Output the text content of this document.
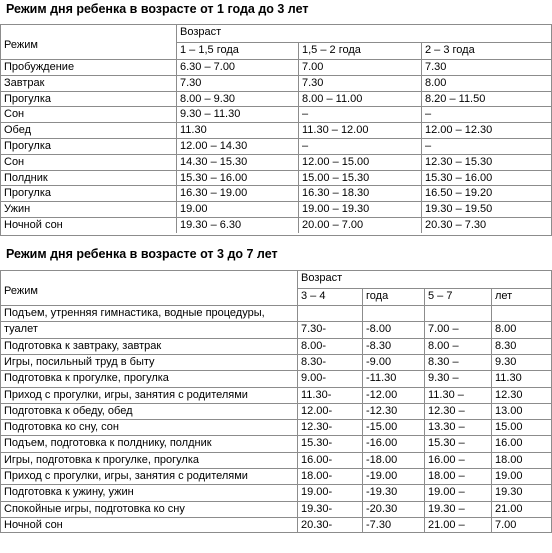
Режим дня ребенка в возрасте от 1 года до 3 лет
Режим
Возраст
1 – 1,5 года	1,5 – 2 года	2 – 3 года
Пробуждение	6.30 – 7.00	7.00	7.30
Завтрак	7.30	7.30	8.00
Прогулка	8.00 – 9.30	8.00 – 11.00	8.20 – 11.50
Сон	9.30 – 11.30	–	–
Обед	11.30	11.30 – 12.00	12.00 – 12.30
Прогулка	12.00 – 14.30	–	–
Сон	14.30 – 15.30	12.00 – 15.00	12.30 – 15.30
Полдник	15.30 – 16.00	15.00 – 15.30	15.30 – 16.00
Прогулка	16.30 – 19.00	16.30 – 18.30	16.50 – 19.20
Ужин	19.00	19.00 – 19.30	19.30 – 19.50
Ночной сон	19.30 – 6.30	20.00 – 7.00	20.30 – 7.30
Режим дня ребенка в возрасте от 3 до 7 лет
Режим
Возраст
3 – 4	года	5 – 7	лет
Подъем, утренняя гимнастика, водные процедуры,
туалет	7.30-	-8.00	7.00 –	8.00
Подготовка к завтраку, завтрак	8.00-	-8.30	8.00 –	8.30
Игры, посильный труд в быту	8.30-	-9.00	8.30 –	9.30
Подготовка к прогулке, прогулка	9.00-	-11.30	9.30 –	11.30
Приход с прогулки, игры, занятия с родителями	11.30-	-12.00	11.30 –	12.30
Подготовка к обеду, обед	12.00-	-12.30	12.30 –	13.00
Подготовка ко сну, сон	12.30-	-15.00	13.30 –	15.00
Подъем, подготовка к полднику, полдник	15.30-	-16.00	15.30 –	16.00
Игры, подготовка к прогулке, прогулка	16.00-	-18.00	16.00 –	18.00
Приход с прогулки, игры, занятия с родителями	18.00-	-19.00	18.00 –	19.00
Подготовка к ужину, ужин	19.00-	-19.30	19.00 –	19.30
Спокойные игры, подготовка ко сну	19.30-	-20.30	19.30 –	21.00
Ночной сон	20.30-	-7.30	21.00 –	7.00
